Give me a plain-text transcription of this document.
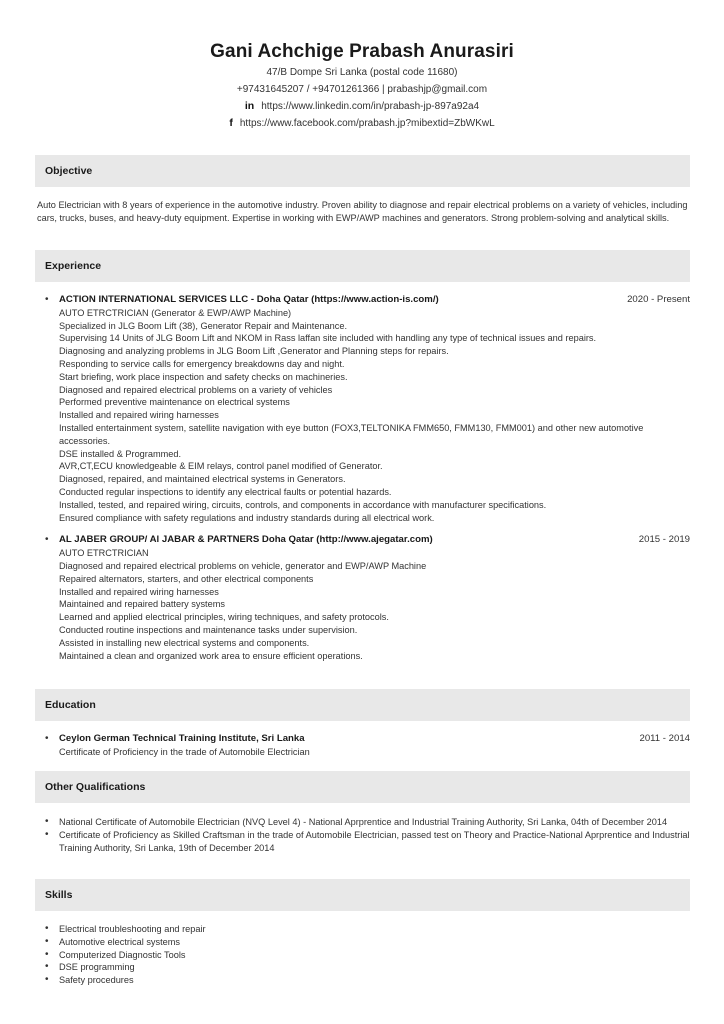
Gani Achchige Prabash Anurasiri
47/B Dompe Sri Lanka (postal code 11680)
+97431645207 / +94701261366 | prabashjp@gmail.com
in https://www.linkedin.com/in/prabash-jp-897a92a4
f https://www.facebook.com/prabash.jp?mibextid=ZbWKwL
Objective

Auto Electrician with 8 years of experience in the automotive industry. Proven ability to diagnose and repair electrical problems on a variety of vehicles, including cars, trucks, buses, and heavy-duty equipment. Expertise in working with EWP/AWP machines and generators. Strong problem-solving and analytical skills.

Experience
• ACTION INTERNATIONAL SERVICES LLC - Doha Qatar (https://www.action-is.com/)	2020 - Present
AUTO ETRCTRICIAN (Generator & EWP/AWP Machine)
Specialized in JLG Boom Lift (38), Generator Repair and Maintenance.
Supervising 14 Units of JLG Boom Lift and NKOM in Rass laffan site included with handling any type of technical issues and repairs.
Diagnosing and analyzing problems in JLG Boom Lift ,Generator and Planning steps for repairs.
Responding to service calls for emergency breakdowns day and night.
Start briefing, work place inspection and safety checks on machineries.
Diagnosed and repaired electrical problems on a variety of vehicles
Performed preventive maintenance on electrical systems
Installed and repaired wiring harnesses
Installed entertainment system, satellite navigation with eye button (FOX3,TELTONIKA FMM650, FMM130, FMM001) and other new automotive accessories.
DSE installed & Programmed.
AVR,CT,ECU knowledgeable & EIM relays, control panel modified of Generator.
Diagnosed, repaired, and maintained electrical systems in Generators.
Conducted regular inspections to identify any electrical faults or potential hazards.
Installed, tested, and repaired wiring, circuits, controls, and components in accordance with manufacturer specifications.
Ensured compliance with safety regulations and industry standards during all electrical work.
• AL JABER GROUP/ Al JABAR & PARTNERS Doha Qatar (http://www.ajegatar.com)	2015 - 2019
AUTO ETRCTRICIAN
Diagnosed and repaired electrical problems on vehicle, generator and EWP/AWP Machine
Repaired alternators, starters, and other electrical components
Installed and repaired wiring harnesses
Maintained and repaired battery systems
Learned and applied electrical principles, wiring techniques, and safety protocols.
Conducted routine inspections and maintenance tasks under supervision.
Assisted in installing new electrical systems and components.
Maintained a clean and organized work area to ensure efficient operations.
Education
• Ceylon German Technical Training Institute, Sri Lanka	2011 - 2014
Certificate of Proficiency in the trade of Automobile Electrician
Other Qualifications
• National Certificate of Automobile Electrician (NVQ Level 4) - National Aprprentice and Industrial Training Authority, Sri Lanka, 04th of December 2014
• Certificate of Proficiency as Skilled Craftsman in the trade of Automobile Electrician, passed test on Theory and Practice-National Aprprentice and Industrial Training Authority, Sri Lanka, 19th of December 2014
Skills
• Electrical troubleshooting and repair
• Automotive electrical systems
• Computerized Diagnostic Tools
• DSE programming
• Safety procedures
